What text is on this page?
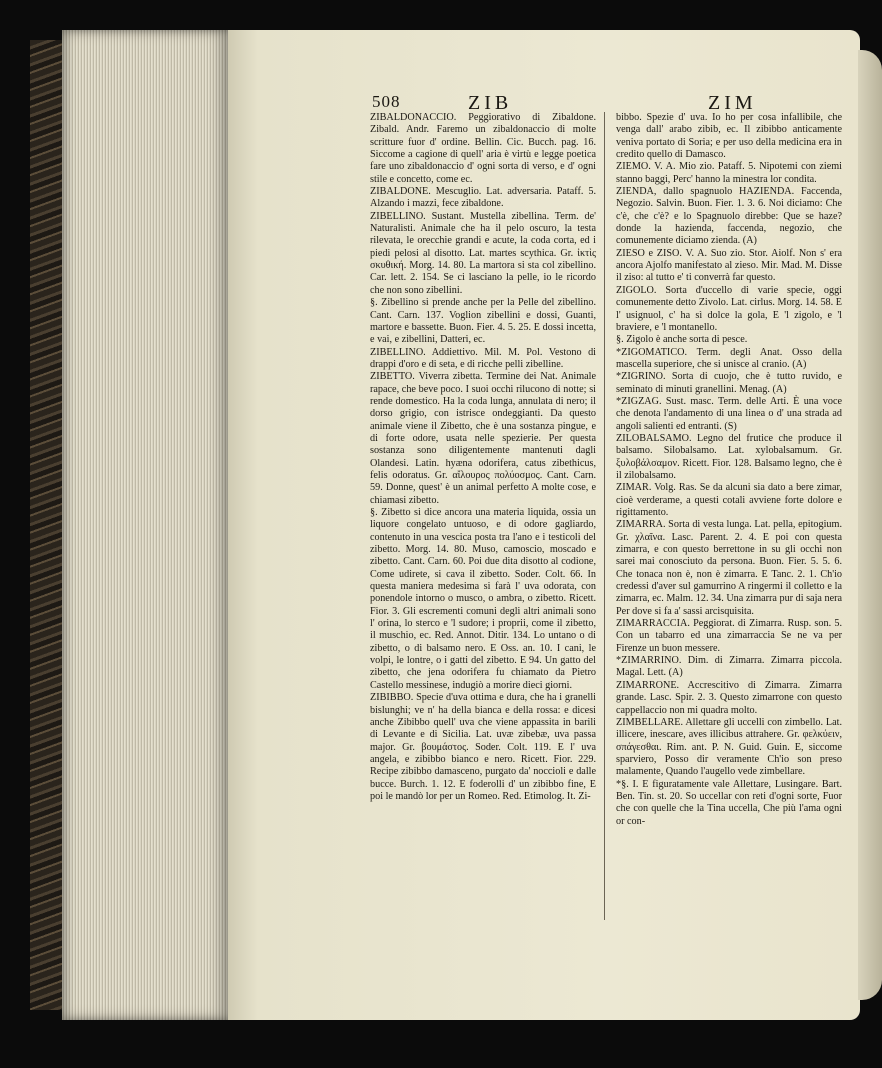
508	ZIB	ZIM

ZIBALDONACCIO. Peggiorativo di Zibaldone. Zibald. Andr. Faremo un zibaldonaccio di molte scritture fuor d' ordine. Bellin. Cic. Bucch. pag. 16. Siccome a cagione di quell' aria è virtù e legge poetica fare uno zibaldonaccio d' ogni sorta di verso, e d' ogni stile e concetto, come ec.

ZIBALDONE. Mescuglio. Lat. adversaria. Pataff. 5. Alzando i mazzi, fece zibaldone.

ZIBELLINO. Sustant. Mustella zibellina. Term. de' Naturalisti. Animale che ha il pelo oscuro, la testa rilevata, le orecchie grandi e acute, la coda corta, ed i piedi pelosi al disotto. Lat. martes scythica. Gr. ἰκτὶς σκυθική. Morg. 14. 80. La martora si sta col zibellino. Car. lett. 2. 154. Se ci lasciano la pelle, io le ricordo che non sono zibellini.

§. Zibellino si prende anche per la Pelle del zibellino. Cant. Carn. 137. Voglion zibellini e dossi, Guanti, martore e bassette. Buon. Fier. 4. 5. 25. E dossi incetta, e vai, e zibellini, Datteri, ec.

ZIBELLINO. Addiettivo. Mil. M. Pol. Vestono di drappi d'oro e di seta, e di ricche pelli zibelline.

ZIBETTO. Viverra zibetta. Termine dei Nat. Animale rapace, che beve poco. I suoi occhi rilucono di notte; si rende domestico. Ha la coda lunga, annulata di nero; il dorso grigio, con istrisce ondeggianti. Da questo animale viene il Zibetto, che è una sostanza pingue, e di forte odore, usata nelle spezierie. Per questa sostanza sono diligentemente mantenuti dagli Olandesi. Latin. hyæna odorifera, catus zibethicus, felis odoratus. Gr. αἴλουρος πολύοσμος. Cant. Carn. 59. Donne, quest' è un animal perfetto A molte cose, e chiamasi zibetto.

§. Zibetto si dice ancora una materia liquida, ossia un liquore congelato untuoso, e di odore gagliardo, contenuto in una vescica posta tra l'ano e i testicoli del zibetto. Morg. 14. 80. Muso, camoscio, moscado e zibetto. Cant. Carn. 60. Poi due dita disotto al codione, Come udirete, si cava il zibetto. Soder. Colt. 66. In questa maniera medesima si farà l' uva odorata, con ponendole intorno o musco, o ambra, o zibetto. Ricett. Fior. 3. Gli escrementi comuni degli altri animali sono l' orina, lo sterco e 'l sudore; i proprii, come il zibetto, il muschio, ec. Red. Annot. Ditir. 134. Lo untano o di zibetto, o di balsamo nero. E Oss. an. 10. I cani, le volpi, le lontre, o i gatti del zibetto. E 94. Un gatto del zibetto, che jena odorifera fu chiamato da Pietro Castello messinese, indugiò a morire dieci giorni.

ZIBIBBO. Specie d'uva ottima e dura, che ha i granelli bislunghi; ve n' ha della bianca e della rossa: e dicesi anche Zibibbo quell' uva che viene appassita in barili di Levante e di Sicilia. Lat. uvæ zibebæ, uva passa major. Gr. βουμάστος. Soder. Colt. 119. E l' uva angela, e zibibbo bianco e nero. Ricett. Fior. 229. Recipe zibibbo damasceno, purgato da' noccioli e dalle bucce. Burch. 1. 12. E foderolli d' un zibibbo fine, E poi le mandò lor per un Romeo. Red. Etimolog. It. Zi-

bibbo. Spezie d' uva. Io ho per cosa infallibile, che venga dall' arabo zibib, ec. Il zibibbo anticamente veniva portato di Soria; e per uso della medicina era in credito quello di Damasco.

ZIEMO. V. A. Mio zio. Pataff. 5. Nipotemi con ziemi stanno baggi, Perc' hanno la minestra lor condita.

ZIENDA, dallo spagnuolo HAZIENDA. Faccenda, Negozio. Salvin. Buon. Fier. 1. 3. 6. Noi diciamo: Che c'è, che c'è? e lo Spagnuolo direbbe: Que se haze? donde la hazienda, faccenda, negozio, che comunemente diciamo zienda. (A)

ZIESO e ZISO. V. A. Suo zio. Stor. Aiolf. Non s' era ancora Ajolfo manifestato al zieso. Mir. Mad. M. Disse il ziso: al tutto e' ti converrà far questo.

ZIGOLO. Sorta d'uccello di varie specie, oggi comunemente detto Zivolo. Lat. cirlus. Morg. 14. 58. E l' usignuol, c' ha sì dolce la gola, E 'l zigolo, e 'l braviere, e 'l montanello.

§. Zigolo è anche sorta di pesce.

*ZIGOMATICO. Term. degli Anat. Osso della mascella superiore, che si unisce al cranio. (A)

*ZIGRINO. Sorta di cuojo, che è tutto ruvido, e seminato di minuti granellini. Menag. (A)

*ZIGZAG. Sust. masc. Term. delle Arti. È una voce che denota l'andamento di una linea o d' una strada ad angoli salienti ed entranti. (S)

ZILOBALSAMO. Legno del frutice che produce il balsamo. Silobalsamo. Lat. xylobalsamum. Gr. ξυλοβάλσαμον. Ricett. Fior. 128. Balsamo legno, che è il zilobalsamo.

ZIMAR. Volg. Ras. Se da alcuni sia dato a bere zimar, cioè verderame, a questi cotali avviene forte dolore e rigittamento.

ZIMARRA. Sorta di vesta lunga. Lat. pella, epitogium. Gr. χλαῖνα. Lasc. Parent. 2. 4. E poi con questa zimarra, e con questo berrettone in su gli occhi non sarei mai conosciuto da persona. Buon. Fier. 5. 5. 6. Che tonaca non è, non è zimarra. E Tanc. 2. 1. Ch'io credessi d'aver sul gamurrino A ringermi il colletto e la zimarra, ec. Malm. 12. 34. Una zimarra pur di saja nera Per dove si fa a' sassi arcisquisita.

ZIMARRACCIA. Peggiorat. di Zimarra. Rusp. son. 5. Con un tabarro ed una zimarraccia Se ne va per Firenze un buon messere.

*ZIMARRINO. Dim. di Zimarra. Zimarra piccola. Magal. Lett. (A)

ZIMARRONE. Accrescitivo di Zimarra. Zimarra grande. Lasc. Spir. 2. 3. Questo zimarrone con questo cappellaccio non mi quadra molto.

ZIMBELLARE. Allettare gli uccelli con zimbello. Lat. illicere, inescare, aves illicibus attrahere. Gr. φελκύειν, σπάγεσθαι. Rim. ant. P. N. Guid. Guin. E, siccome sparviero, Posso dir veramente Ch'io son preso malamente, Quando l'augello vede zimbellare.

*§. I. E figuratamente vale Allettare, Lusingare. Bart. Ben. Tin. st. 20. So uccellar con reti d'ogni sorte, Fuor che con quelle che la Tina uccella, Che più l'ama ogni or con-
